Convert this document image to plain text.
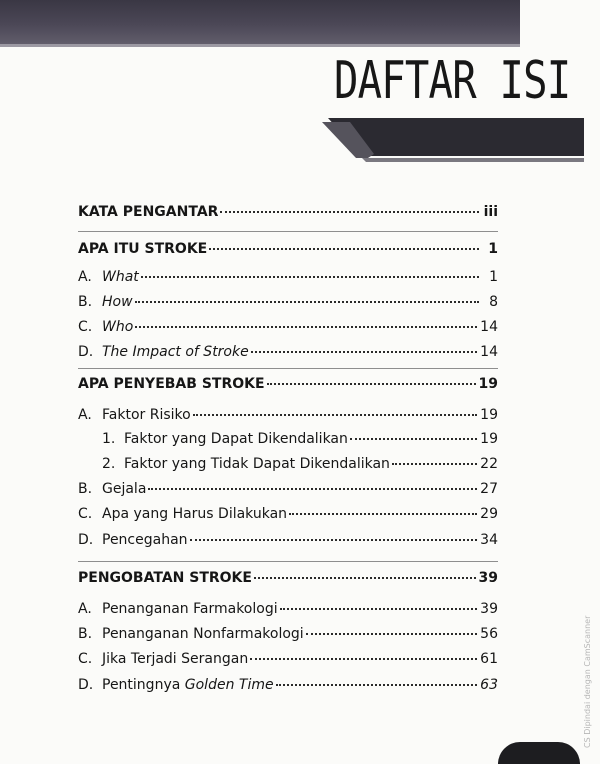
DAFTAR ISI
KATA PENGANTAR	iii
APA ITU STROKE	1
A. What	1
B. How	8
C. Who	14
D. The Impact of Stroke	14
APA PENYEBAB STROKE	19
A. Faktor Risiko	19
1. Faktor yang Dapat Dikendalikan	19
2. Faktor yang Tidak Dapat Dikendalikan	22
B. Gejala	27
C. Apa yang Harus Dilakukan	29
D. Pencegahan	34
PENGOBATAN STROKE	39
A. Penanganan Farmakologi	39
B. Penanganan Nonfarmakologi	56
C. Jika Terjadi Serangan	61
D. Pentingnya
Golden Time	63
CS Dipindai dengan CamScanner
